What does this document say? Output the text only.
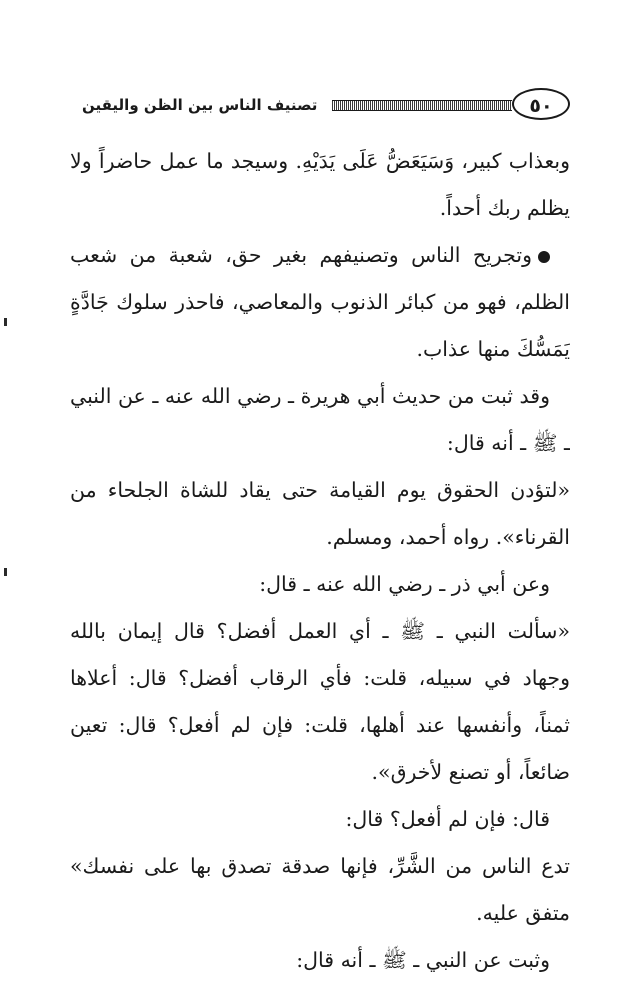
٥٠
تصنيف الناس بين الظن واليقين
وبعذاب كبير، وَسَيَعَضُّ عَلَى يَدَيْهِ. وسيجد ما عمل حاضراً ولا
يظلم ربك أحداً.
وتجريح الناس وتصنيفهم بغير حق، شعبة من شعب
الظلم، فهو من كبائر الذنوب والمعاصي، فاحذر سلوك جَادَّةٍ
يَمَسُّكَ منها عذاب.
وقد ثبت من حديث أبي هريرة ـ رضي الله عنه ـ عن النبي
ـ ﷺ ـ أنه قال:
«لتؤدن الحقوق يوم القيامة حتى يقاد للشاة الجلحاء من
القرناء». رواه أحمد، ومسلم.
وعن أبي ذر ـ رضي الله عنه ـ قال:
«سألت النبي ـ ﷺ ـ أي العمل أفضل؟ قال إيمان بالله
وجهاد في سبيله، قلت: فأي الرقاب أفضل؟ قال: أعلاها
ثمناً، وأنفسها عند أهلها، قلت: فإن لم أفعل؟ قال: تعين
ضائعاً، أو تصنع لأخرق».
قال: فإن لم أفعل؟ قال:
تدع الناس من الشَّرِّ، فإنها صدقة تصدق بها على نفسك»
متفق عليه.
وثبت عن النبي ـ ﷺ ـ أنه قال:
